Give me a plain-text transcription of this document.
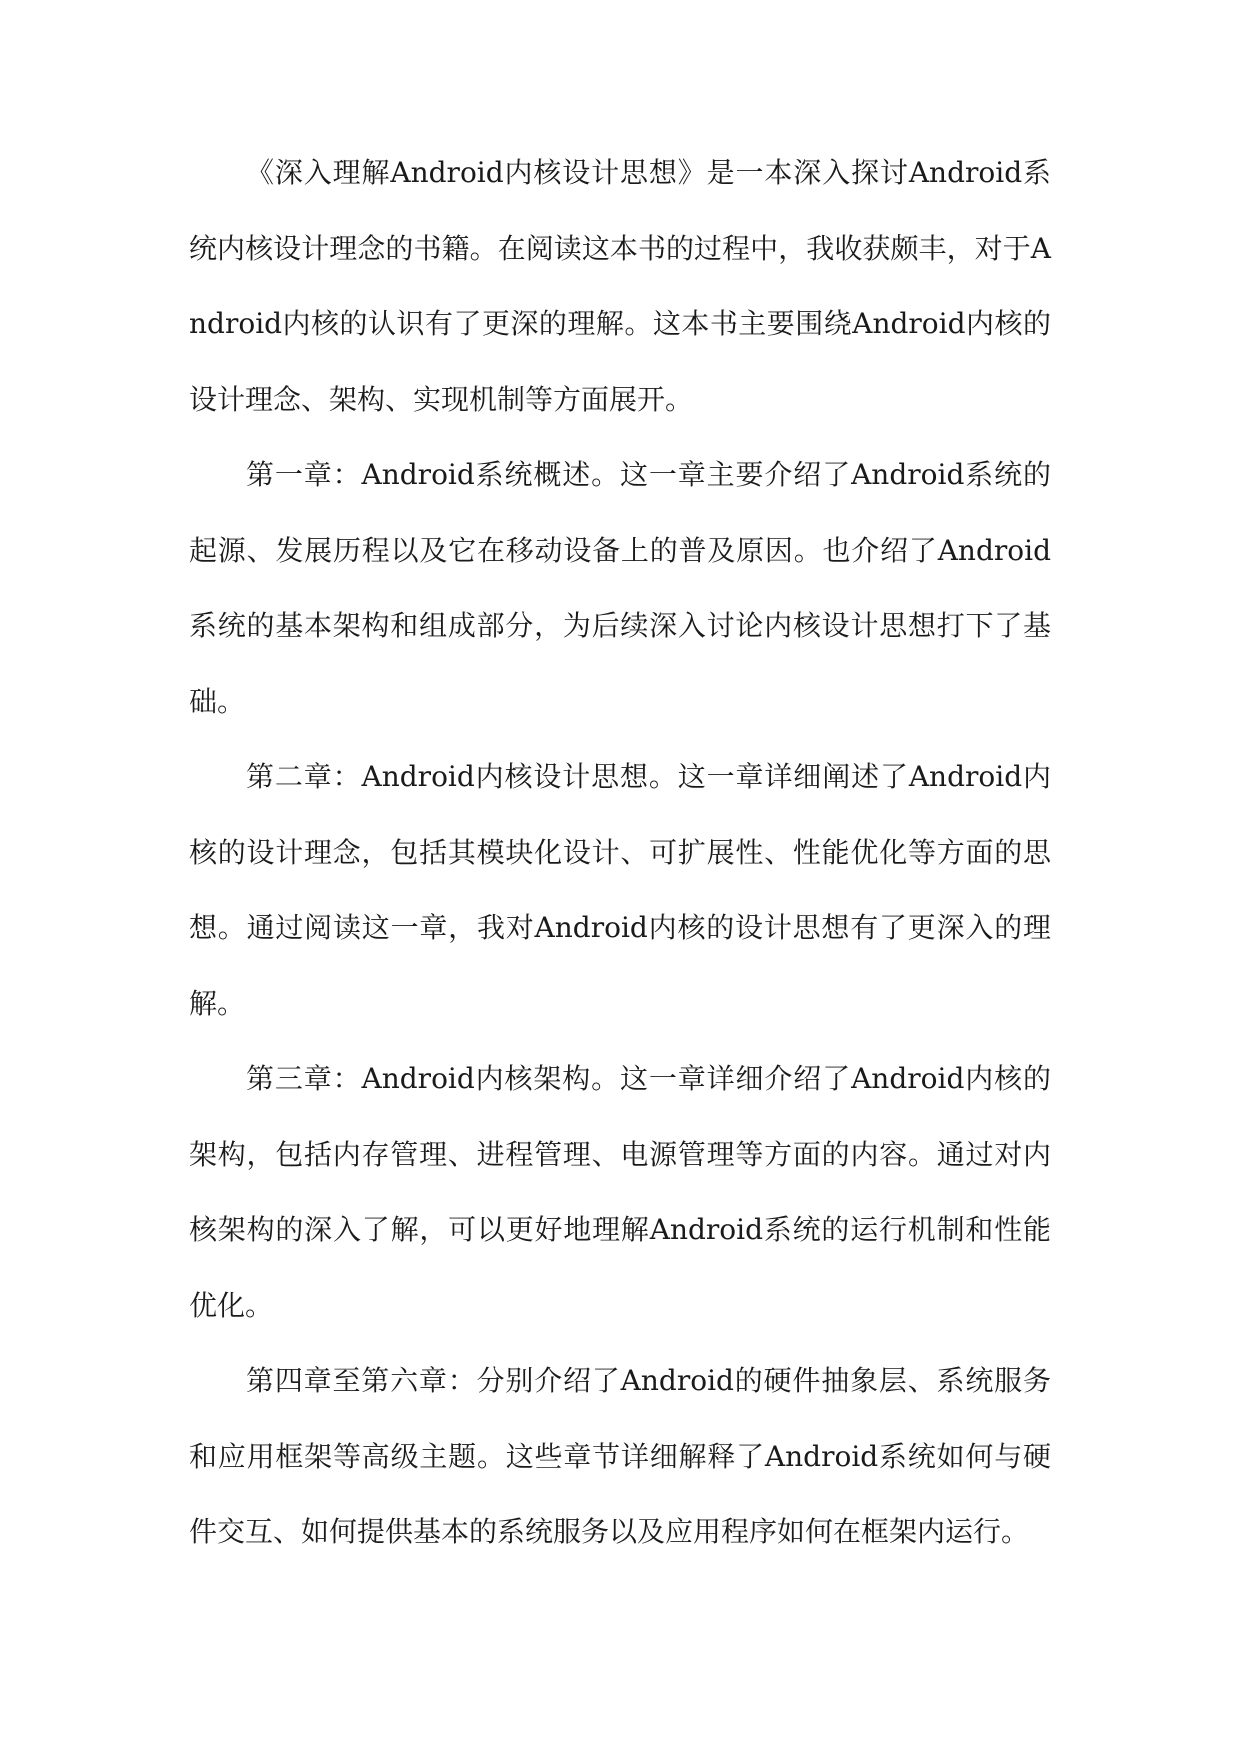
《深入理解Android内核设计思想》是一本深入探讨Android系统内核设计理念的书籍。在阅读这本书的过程中，我收获颇丰，对于Android内核的认识有了更深的理解。这本书主要围绕Android内核的设计理念、架构、实现机制等方面展开。

第一章：Android系统概述。这一章主要介绍了Android系统的起源、发展历程以及它在移动设备上的普及原因。也介绍了Android系统的基本架构和组成部分，为后续深入讨论内核设计思想打下了基础。

第二章：Android内核设计思想。这一章详细阐述了Android内核的设计理念，包括其模块化设计、可扩展性、性能优化等方面的思想。通过阅读这一章，我对Android内核的设计思想有了更深入的理解。

第三章：Android内核架构。这一章详细介绍了Android内核的架构，包括内存管理、进程管理、电源管理等方面的内容。通过对内核架构的深入了解，可以更好地理解Android系统的运行机制和性能优化。

第四章至第六章：分别介绍了Android的硬件抽象层、系统服务和应用框架等高级主题。这些章节详细解释了Android系统如何与硬件交互、如何提供基本的系统服务以及应用程序如何在框架内运行。
